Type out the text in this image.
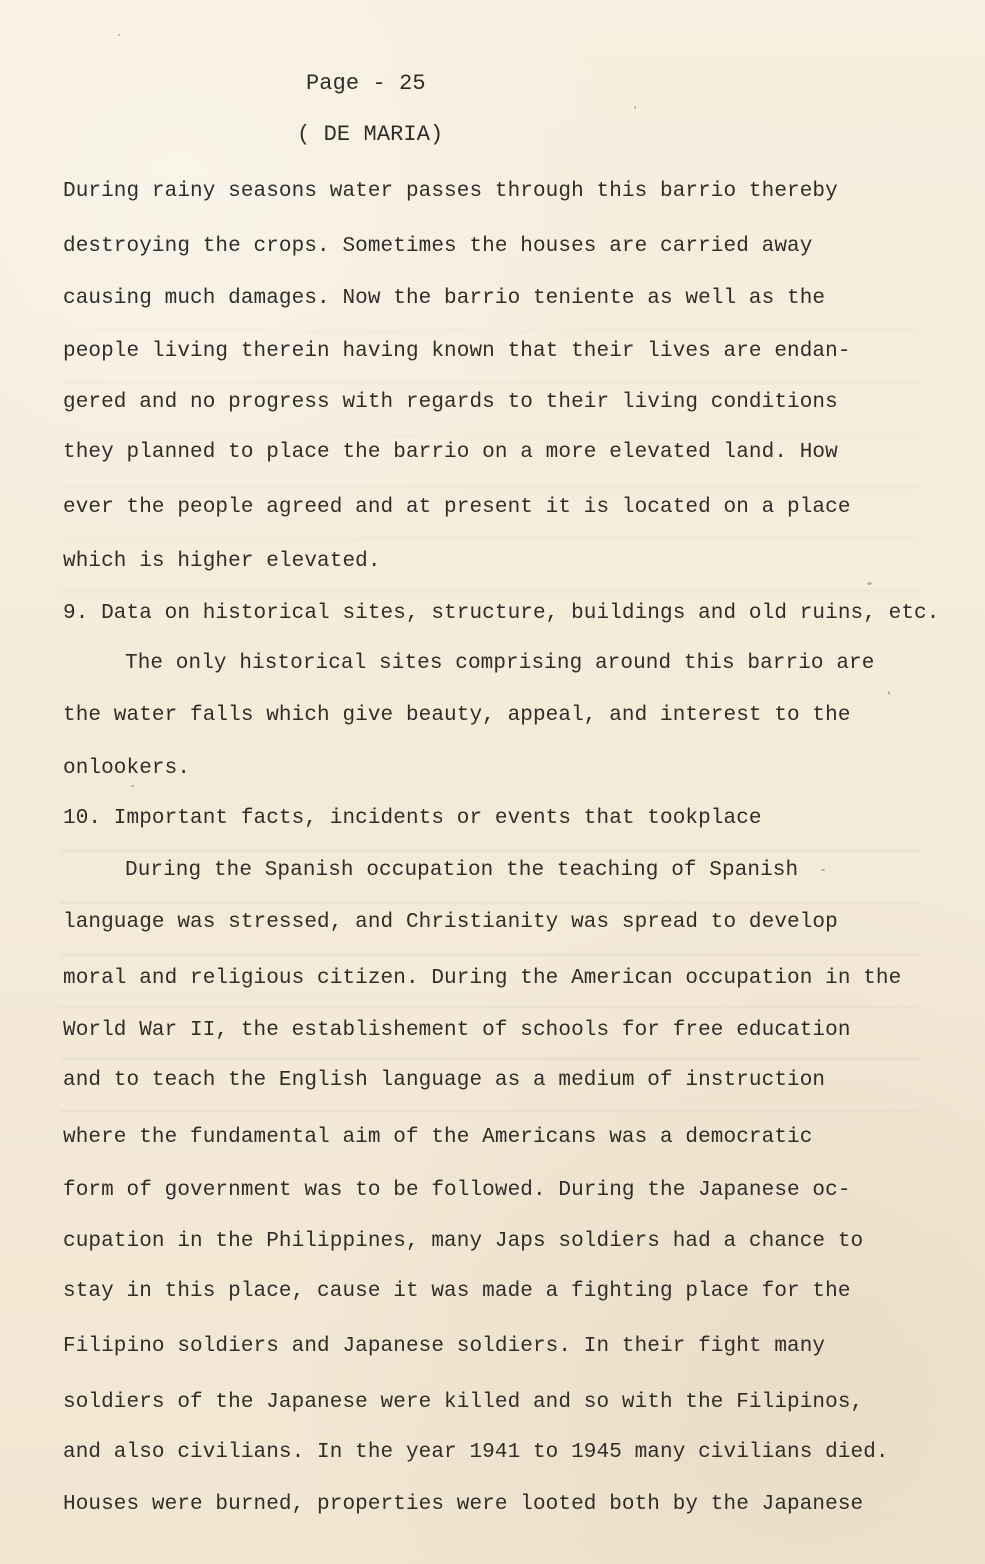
Page - 25
( DE MARIA)
During rainy seasons water passes through this barrio thereby
destroying the crops. Sometimes the houses are carried away
causing much damages. Now the barrio teniente as well as the
people living therein having known that their lives are endan-
gered and no progress with regards to their living conditions
they planned to place the barrio on a more elevated land. How
ever the people agreed and at present it is located on a place
which is higher elevated.
9. Data on historical sites, structure, buildings and old ruins, etc.
The only historical sites comprising around this barrio are
the water falls which give beauty, appeal, and interest to the
onlookers.
10. Important facts, incidents or events that tookplace
During the Spanish occupation the teaching of Spanish
language was stressed, and Christianity was spread to develop
moral and religious citizen. During the American occupation in the
World War II, the establishement of schools for free education
and to teach the English language as a medium of instruction
where the fundamental aim of the Americans was a democratic
form of government was to be followed. During the Japanese oc-
cupation in the Philippines, many Japs soldiers had a chance to
stay in this place, cause it was made a fighting place for the
Filipino soldiers and Japanese soldiers. In their fight many
soldiers of the Japanese were killed and so with the Filipinos,
and also civilians. In the year 1941 to 1945 many civilians died.
Houses were burned, properties were looted both by the Japanese
